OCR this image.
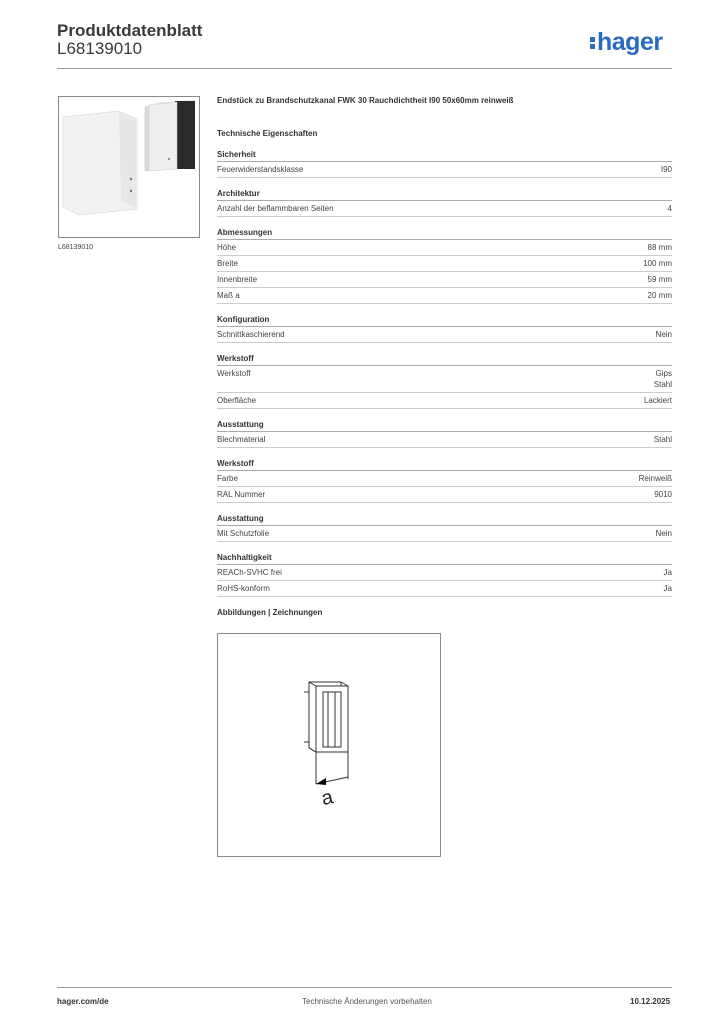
Produktdatenblatt
L68139010	hager
L68139010
Endstück zu Brandschutzkanal FWK 30 Rauchdichtheit I90 50x60mm reinweiß
Technische Eigenschaften
Sicherheit
Feuerwiderstandsklasse	I90
Architektur
Anzahl der beflammbaren Seiten	4
Abmessungen
Höhe	88 mm
Breite	100 mm
Innenbreite	59 mm
Maß a	20 mm
Konfiguration
Schnittkaschierend	Nein
Werkstoff
Werkstoff	Gips
Stahl
Oberfläche	Lackiert
Ausstattung
Blechmaterial	Stahl
Werkstoff
Farbe	Reinweiß
RAL Nummer	9010
Ausstattung
Mit Schutzfolie	Nein
Nachhaltigkeit
REACh-SVHC frei	Ja
RoHS-konform	Ja
Abbildungen | Zeichnungen
a
hager.com/de	Technische Änderungen vorbehalten	10.12.2025
